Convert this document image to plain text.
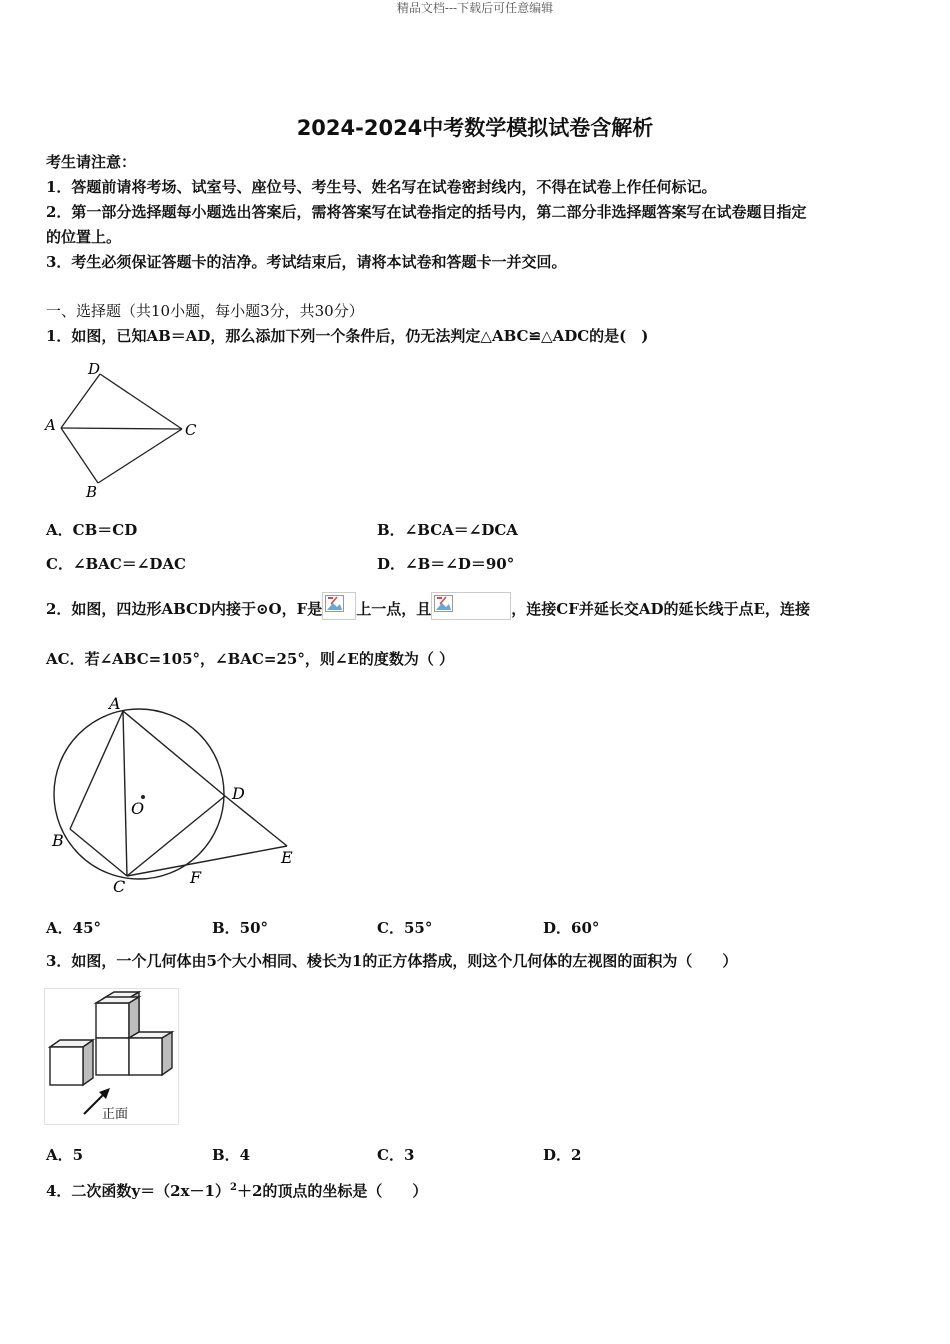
精品文档---下载后可任意编辑
2024-2024中考数学模拟试卷含解析
考生请注意：
1．答题前请将考场、试室号、座位号、考生号、姓名写在试卷密封线内，不得在试卷上作任何标记。
2．第一部分选择题每小题选出答案后，需将答案写在试卷指定的括号内，第二部分非选择题答案写在试卷题目指定
的位置上。
3．考生必须保证答题卡的洁净。考试结束后，请将本试卷和答题卡一并交回。
一、选择题（共10小题，每小题3分，共30分）
1．如图，已知AB＝AD，那么添加下列一个条件后，仍无法判定△ABC≌△ADC的是(　)
D
A	C
B
A．CB＝CD	B．∠BCA＝∠DCA
C．∠BAC＝∠DAC	D．∠B＝∠D＝90°
2．如图，四边形ABCD内接于⊙O，F是 上一点，且	，连接CF并延长交AD的延长线于点E，连接
AC．若∠ABC=105°，∠BAC=25°，则∠E的度数为（ ）
A
B
C
D
E
F
O
A．45°	B．50°	C．55°	D．60°
3．如图，一个几何体由5个大小相同、棱长为1的正方体搭成，则这个几何体的左视图的面积为（　　）
正面
A．5	B．4	C．3	D．2
4．二次函数$y=(2x-1)^2+2$的顶点的坐标是（　　）
